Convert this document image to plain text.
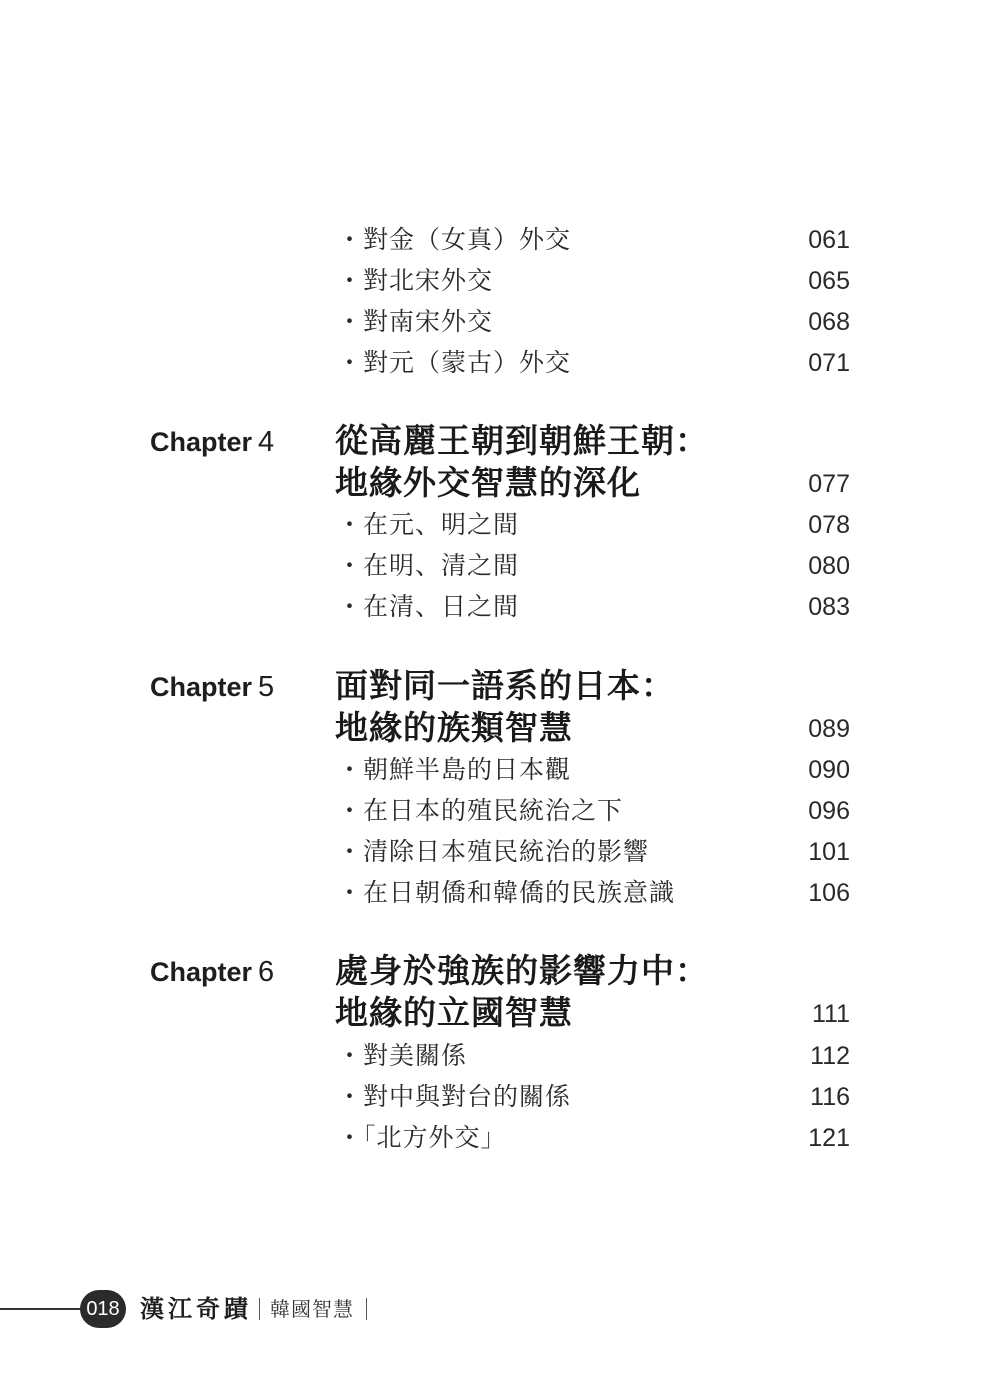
・對金（女真）外交	061
・對北宋外交	065
・對南宋外交	068
・對元（蒙古）外交	071
Chapter 4 從高麗王朝到朝鮮王朝：
地緣外交智慧的深化	077
・在元、明之間	078
・在明、清之間	080
・在清、日之間	083
Chapter 5 面對同一語系的日本：
地緣的族類智慧	089
・朝鮮半島的日本觀	090
・在日本的殖民統治之下	096
・清除日本殖民統治的影響	101
・在日朝僑和韓僑的民族意識	106
Chapter 6 處身於強族的影響力中：
地緣的立國智慧	111
・對美關係	112
・對中與對台的關係	116
・「北方外交」	121
018 漢江奇蹟 韓國智慧
